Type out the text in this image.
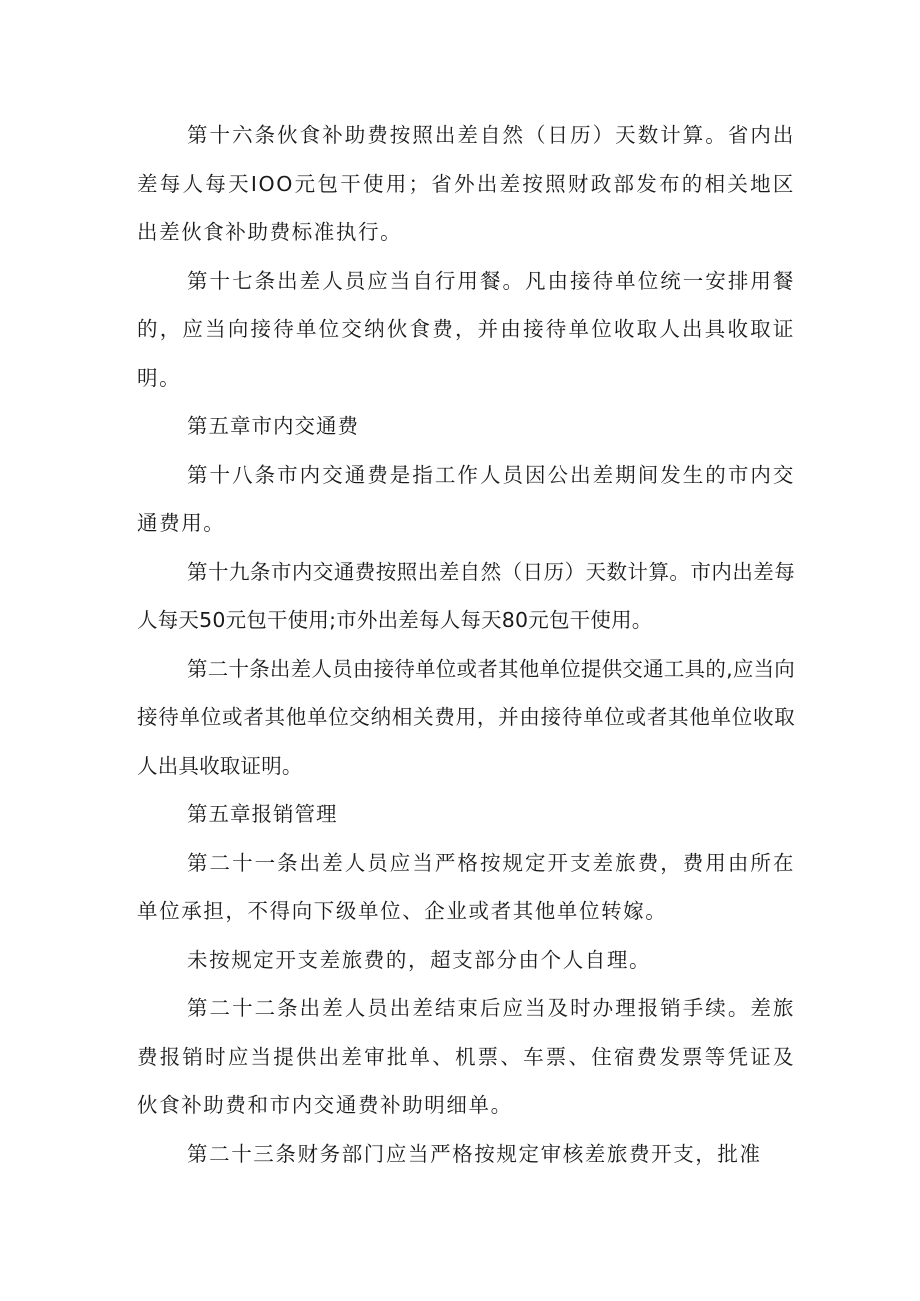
第十六条伙食补助费按照出差自然（日历）天数计算。省内出差每人每天IOO元包干使用；省外出差按照财政部发布的相关地区出差伙食补助费标准执行。

第十七条出差人员应当自行用餐。凡由接待单位统一安排用餐的，应当向接待单位交纳伙食费，并由接待单位收取人出具收取证明。

第五章市内交通费

第十八条市内交通费是指工作人员因公出差期间发生的市内交通费用。

第十九条市内交通费按照出差自然（日历）天数计算。市内出差每人每天50元包干使用;市外出差每人每天80元包干使用。

第二十条出差人员由接待单位或者其他单位提供交通工具的,应当向接待单位或者其他单位交纳相关费用，并由接待单位或者其他单位收取人出具收取证明。

第五章报销管理

第二十一条出差人员应当严格按规定开支差旅费，费用由所在单位承担，不得向下级单位、企业或者其他单位转嫁。

未按规定开支差旅费的，超支部分由个人自理。

第二十二条出差人员出差结束后应当及时办理报销手续。差旅费报销时应当提供出差审批单、机票、车票、住宿费发票等凭证及伙食补助费和市内交通费补助明细单。

第二十三条财务部门应当严格按规定审核差旅费开支，批准
